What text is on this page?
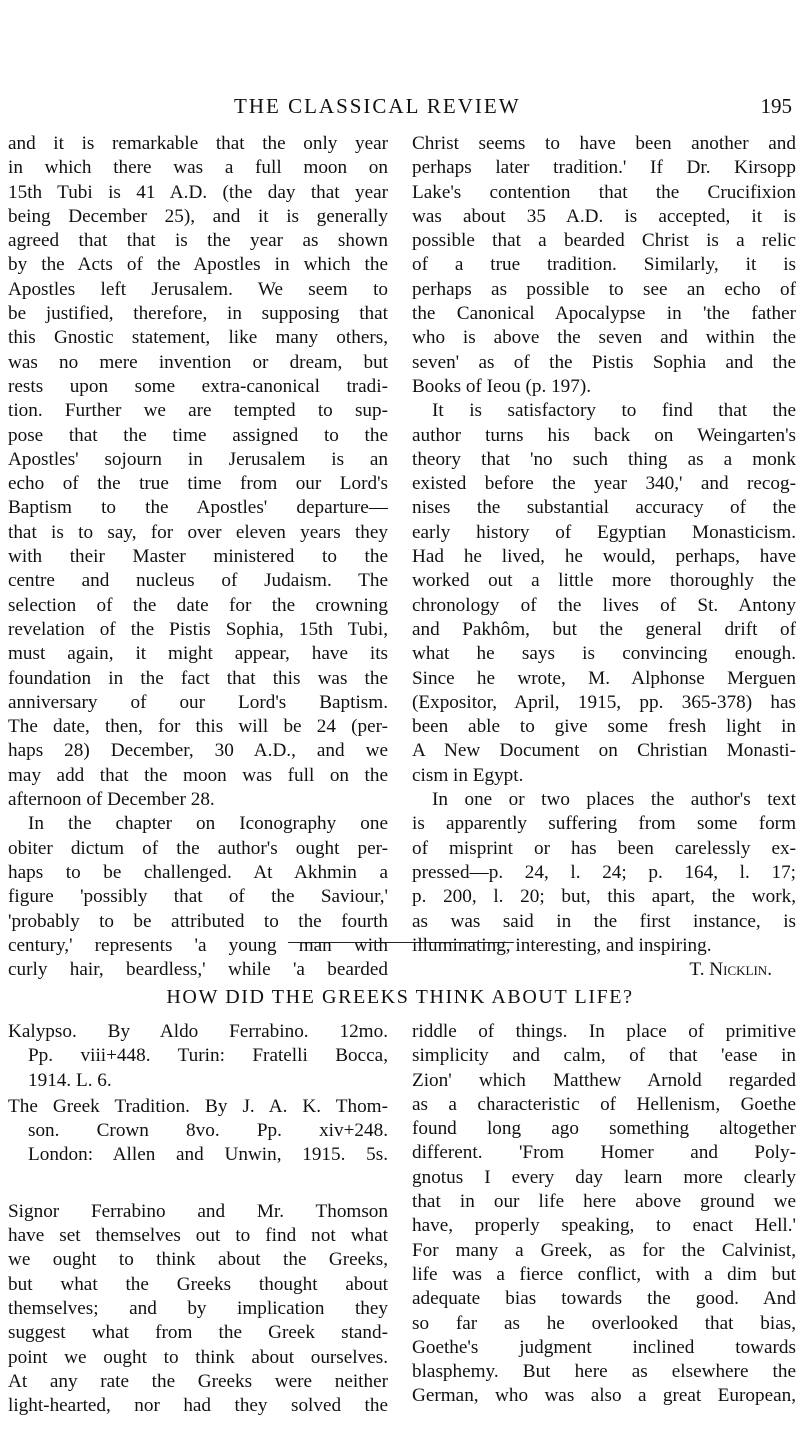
THE CLASSICAL REVIEW	195
and it is remarkable that the only year
in which there was a full moon on
15th Tubi is 41 A.D. (the day that year
being December 25), and it is generally
agreed that that is the year as shown
by the Acts of the Apostles in which the
Apostles left Jerusalem. We seem to
be justified, therefore, in supposing that
this Gnostic statement, like many others,
was no mere invention or dream, but
rests upon some extra-canonical tradi-
tion. Further we are tempted to sup-
pose that the time assigned to the
Apostles' sojourn in Jerusalem is an
echo of the true time from our Lord's
Baptism to the Apostles' departure—
that is to say, for over eleven years they
with their Master ministered to the
centre and nucleus of Judaism. The
selection of the date for the crowning
revelation of the Pistis Sophia, 15th Tubi,
must again, it might appear, have its
foundation in the fact that this was the
anniversary of our Lord's Baptism.
The date, then, for this will be 24 (per-
haps 28) December, 30 A.D., and we
may add that the moon was full on the
afternoon of December 28.
In the chapter on Iconography one
obiter dictum of the author's ought per-
haps to be challenged. At Akhmin a
figure 'possibly that of the Saviour,'
'probably to be attributed to the fourth
century,' represents 'a young man with
curly hair, beardless,' while 'a bearded
Christ seems to have been another and
perhaps later tradition.' If Dr. Kirsopp
Lake's contention that the Crucifixion
was about 35 A.D. is accepted, it is
possible that a bearded Christ is a relic
of a true tradition. Similarly, it is
perhaps as possible to see an echo of
the Canonical Apocalypse in 'the father
who is above the seven and within the
seven' as of the Pistis Sophia and the
Books of Ieou (p. 197).
It is satisfactory to find that the
author turns his back on Weingarten's
theory that 'no such thing as a monk
existed before the year 340,' and recog-
nises the substantial accuracy of the
early history of Egyptian Monasticism.
Had he lived, he would, perhaps, have
worked out a little more thoroughly the
chronology of the lives of St. Antony
and Pakhôm, but the general drift of
what he says is convincing enough.
Since he wrote, M. Alphonse Merguen
(Expositor, April, 1915, pp. 365-378) has
been able to give some fresh light in
A New Document on Christian Monasti-
cism in Egypt.
In one or two places the author's text
is apparently suffering from some form
of misprint or has been carelessly ex-
pressed—p. 24, l. 24; p. 164, l. 17;
p. 200, l. 20; but, this apart, the work,
as was said in the first instance, is
illuminating, interesting, and inspiring.
T. Nicklin.
HOW DID THE GREEKS THINK ABOUT LIFE?
Kalypso. By Aldo Ferrabino. 12mo.
Pp. viii+448. Turin: Fratelli Bocca,
1914. L. 6.
The Greek Tradition. By J. A. K. Thom-
son. Crown 8vo. Pp. xiv+248.
London: Allen and Unwin, 1915. 5s.
Signor Ferrabino and Mr. Thomson
have set themselves out to find not what
we ought to think about the Greeks,
but what the Greeks thought about
themselves; and by implication they
suggest what from the Greek stand-
point we ought to think about ourselves.
At any rate the Greeks were neither
light-hearted, nor had they solved the
riddle of things. In place of primitive
simplicity and calm, of that 'ease in
Zion' which Matthew Arnold regarded
as a characteristic of Hellenism, Goethe
found long ago something altogether
different. 'From Homer and Poly-
gnotus I every day learn more clearly
that in our life here above ground we
have, properly speaking, to enact Hell.'
For many a Greek, as for the Calvinist,
life was a fierce conflict, with a dim but
adequate bias towards the good. And
so far as he overlooked that bias,
Goethe's judgment inclined towards
blasphemy. But here as elsewhere the
German, who was also a great European,
